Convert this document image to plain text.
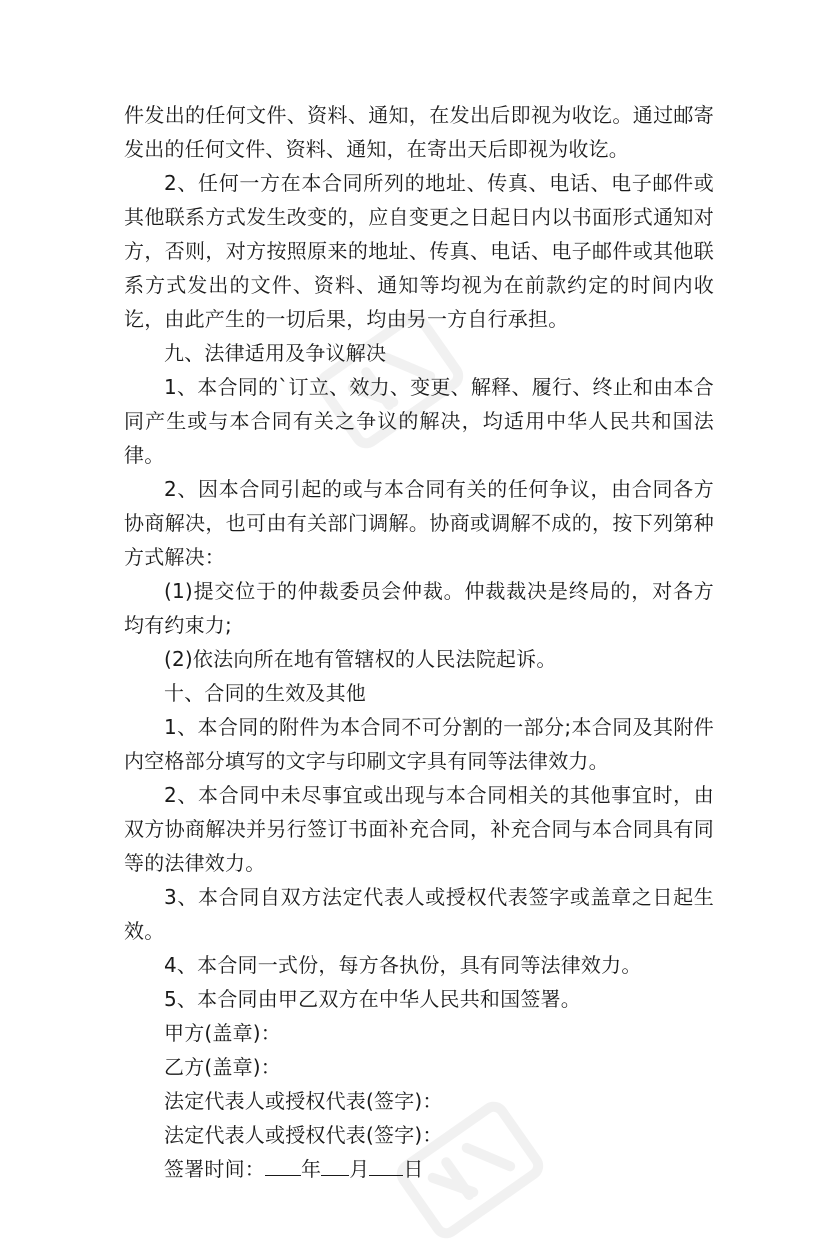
件发出的任何文件、资料、通知，在发出后即视为收讫。通过邮寄发出的任何文件、资料、通知，在寄出天后即视为收讫。

2、任何一方在本合同所列的地址、传真、电话、电子邮件或其他联系方式发生改变的，应自变更之日起日内以书面形式通知对方，否则，对方按照原来的地址、传真、电话、电子邮件或其他联系方式发出的文件、资料、通知等均视为在前款约定的时间内收讫，由此产生的一切后果，均由另一方自行承担。

九、法律适用及争议解决

1、本合同的`订立、效力、变更、解释、履行、终止和由本合同产生或与本合同有关之争议的解决，均适用中华人民共和国法律。

2、因本合同引起的或与本合同有关的任何争议，由合同各方协商解决，也可由有关部门调解。协商或调解不成的，按下列第种方式解决：

(1)提交位于的仲裁委员会仲裁。仲裁裁决是终局的，对各方均有约束力;

(2)依法向所在地有管辖权的人民法院起诉。

十、合同的生效及其他

1、本合同的附件为本合同不可分割的一部分;本合同及其附件内空格部分填写的文字与印刷文字具有同等法律效力。

2、本合同中未尽事宜或出现与本合同相关的其他事宜时，由双方协商解决并另行签订书面补充合同，补充合同与本合同具有同等的法律效力。

3、本合同自双方法定代表人或授权代表签字或盖章之日起生效。

4、本合同一式份，每方各执份，具有同等法律效力。

5、本合同由甲乙双方在中华人民共和国签署。

甲方(盖章)：

乙方(盖章)：

法定代表人或授权代表(签字)：

法定代表人或授权代表(签字)：

签署时间： 年 月 日
